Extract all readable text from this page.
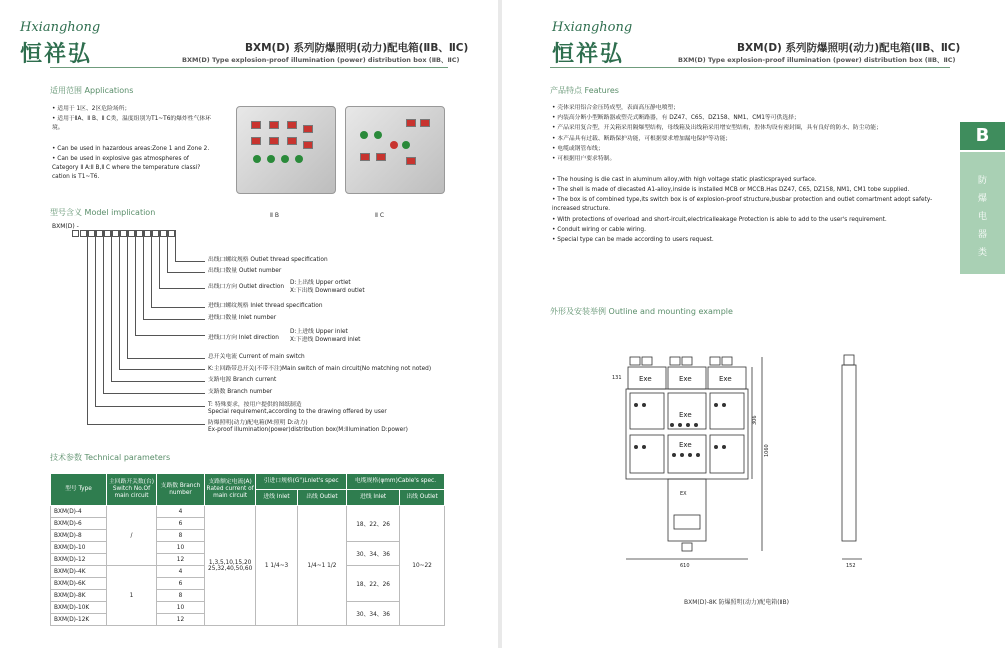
Hxianghong
恒祥弘	BXM(D) 系列防爆照明(动力)配电箱(ⅡB、ⅡC)
BXM(D) Type explosion-proof illumination (power) distribution box (ⅡB、ⅡC)
适用范围 Applications
• 适用于 1区、2区危险场所；
• 适用于ⅡA、Ⅱ B、Ⅱ C类，温度组别为T1~T6的爆炸性气体环境。
• Can be used in hazardous areas:Zone 1 and Zone 2.
• Can be used in explosive gas atmospheres of Category Ⅱ A:Ⅱ B,Ⅱ C where the temperature classi?cation is T1~T6.
Ⅱ B	Ⅱ C
型号含义 Model implication
BXM(D) -
出线口螺纹规格 Outlet thread specification
出线口数量 Outlet number
出线口方向 Outlet direction
D:上出线 Upper ortlet
X:下出线 Downward outlet
进线口螺纹规格 Inlet thread specification
进线口数量 Inlet number
进线口方向 Inlet direction
D:上进线 Upper inlet
X:下进线 Downward inlet
总开关电流 Current of main switch
K:主回路带总开关(不带不注)Main switch of main circuit(No matching not noted)
支路电源 Branch current
支路数 Branch number
T: 特殊要求，按用户提供的图纸制造
Special requirement,according to the drawing offered by user
防爆照明(动力)配电箱(M:照明 D:动力)
Ex-proof illumination(power)distribution box(M:Illumination D:power)
技术参数 Technical parameters
型号 Type	主回路开关数(台) Switch No.Of main circuit	支路数 Branch number	支路额定电流(A) Rated current of main circuit	引进口规格(G")Lnlet's spec		电缆规格(φmm)Cable's spec.	
				进线 Inlet	出线 Outlet	进线 Inlet	出线 Outlet
BXM(D)-4	/	4	1,3,5,10,15,20 25,32,40,50,60	1 1/4~3	1/4~1 1/2	18、22、26	10~22
BXM(D)-6		6					
BXM(D)-8		8					
BXM(D)-10		10				30、34、36	
BXM(D)-12		12					
BXM(D)-4K	1	4				18、22、26	
BXM(D)-6K		6					
BXM(D)-8K		8					
BXM(D)-10K		10				30、34、36	
BXM(D)-12K		12					
Hxianghong
恒祥弘	BXM(D) 系列防爆照明(动力)配电箱(ⅡB、ⅡC)
BXM(D) Type explosion-proof illumination (power) distribution box (ⅡB、ⅡC)
产品特点 Features
• 壳体采用铝合金压铸成型，表面高压静电喷塑；
• 内装高分断小型断路器或塑壳式断路器，有 DZ47、C65、DZ158、NM1、CM1等可供选择；
• 产品采用复合型，开关箱采用隔爆型结构，母线箱及出线箱采用增安型结构，腔体均设有密封圈，具有良好的防水、防尘功能；
• 本产品具有过载、断路保护功能，可根据要求增加漏电保护等功能；
• 电缆或钢管布线；
• 可根据用户要求特制。
• The housing is die cast in aluminum alloy,with high voltage static plasticsprayed surface.
• The shell is made of diecasted A1-alloy,inside is installed MCB or MCCB.Has DZ47, C65, DZ158, NM1, CM1 tobe supplied.
• The box is of combined type,its switch box is of explosion-proof structure,busbar protection and outlet comartment adopt safety-increased structure.
• With protections of overload and short-ircuit,electricalleakage Protection is able to add to the user's requirement.
• Conduit wiring or cable wiring.
• Special type can be made according to users request.
外形及安装举例 Outline and mounting example
Exe	Exe	Exe
Exe
Exe
EX
610
1060
306
152
131
BXM(D)-8K 防爆照明(动力)配电箱(ⅡB)
B
防
爆
电
器
类
